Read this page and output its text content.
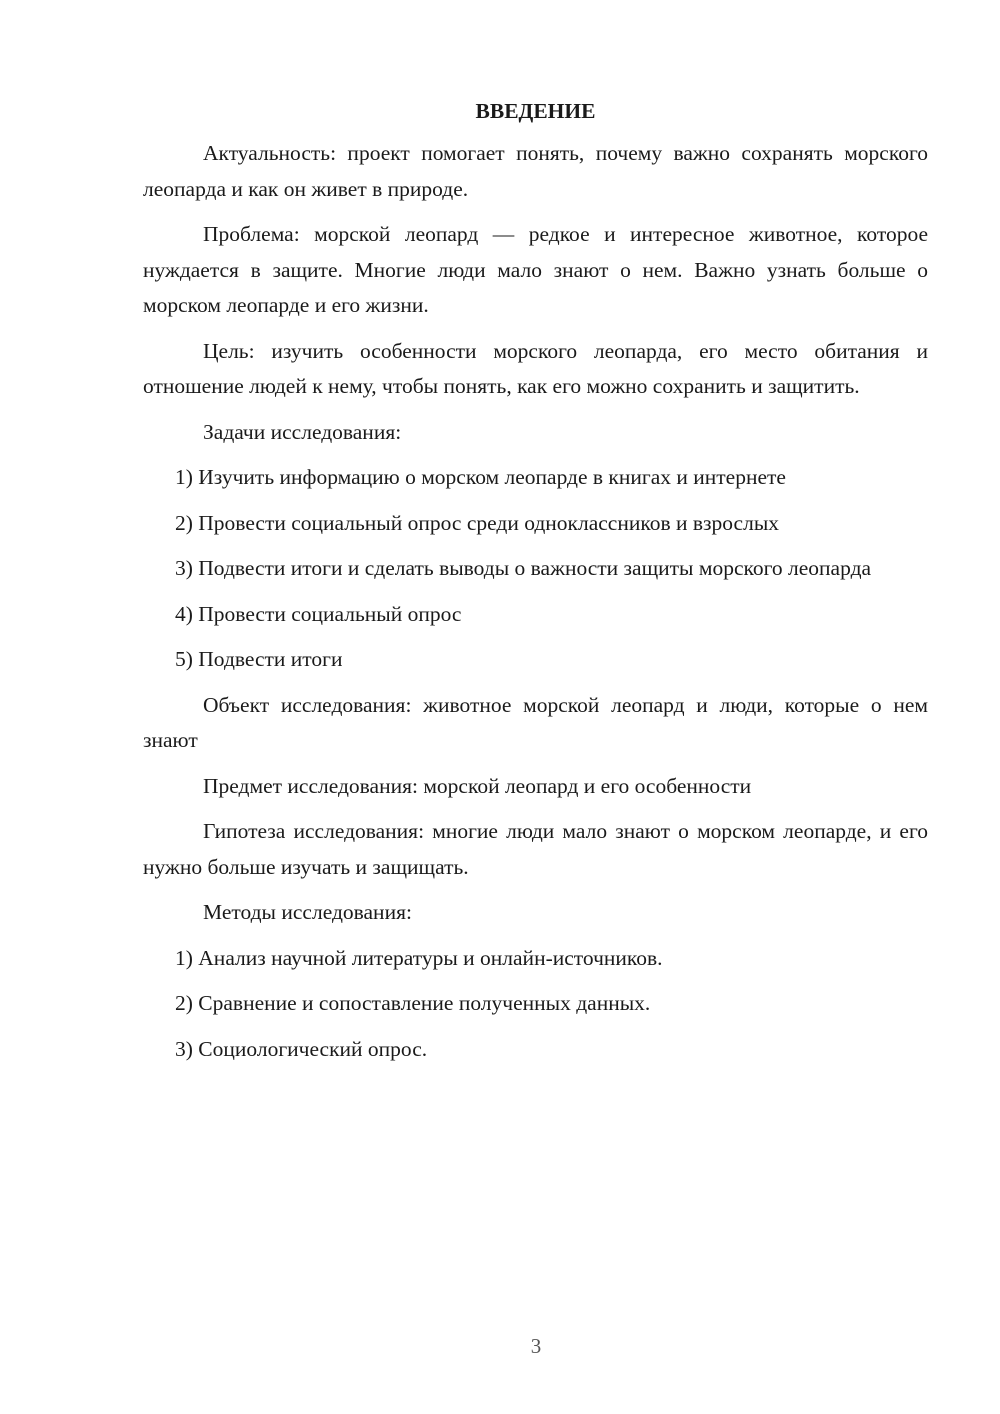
ВВЕДЕНИЕ
Актуальность: проект помогает понять, почему важно сохранять морского леопарда и как он живет в природе.
Проблема: морской леопард — редкое и интересное животное, которое нуждается в защите. Многие люди мало знают о нем. Важно узнать больше о морском леопарде и его жизни.
Цель: изучить особенности морского леопарда, его место обитания и отношение людей к нему, чтобы понять, как его можно сохранить и защитить.
Задачи исследования:
1) Изучить информацию о морском леопарде в книгах и интернете
2) Провести социальный опрос среди одноклассников и взрослых
3) Подвести итоги и сделать выводы о важности защиты морского леопарда
4) Провести социальный опрос
5) Подвести итоги
Объект исследования: животное морской леопард и люди, которые о нем знают
Предмет исследования: морской леопард и его особенности
Гипотеза исследования: многие люди мало знают о морском леопарде, и его нужно больше изучать и защищать.
Методы исследования:
1) Анализ научной литературы и онлайн-источников.
2) Сравнение и сопоставление полученных данных.
3) Социологический опрос.
3
